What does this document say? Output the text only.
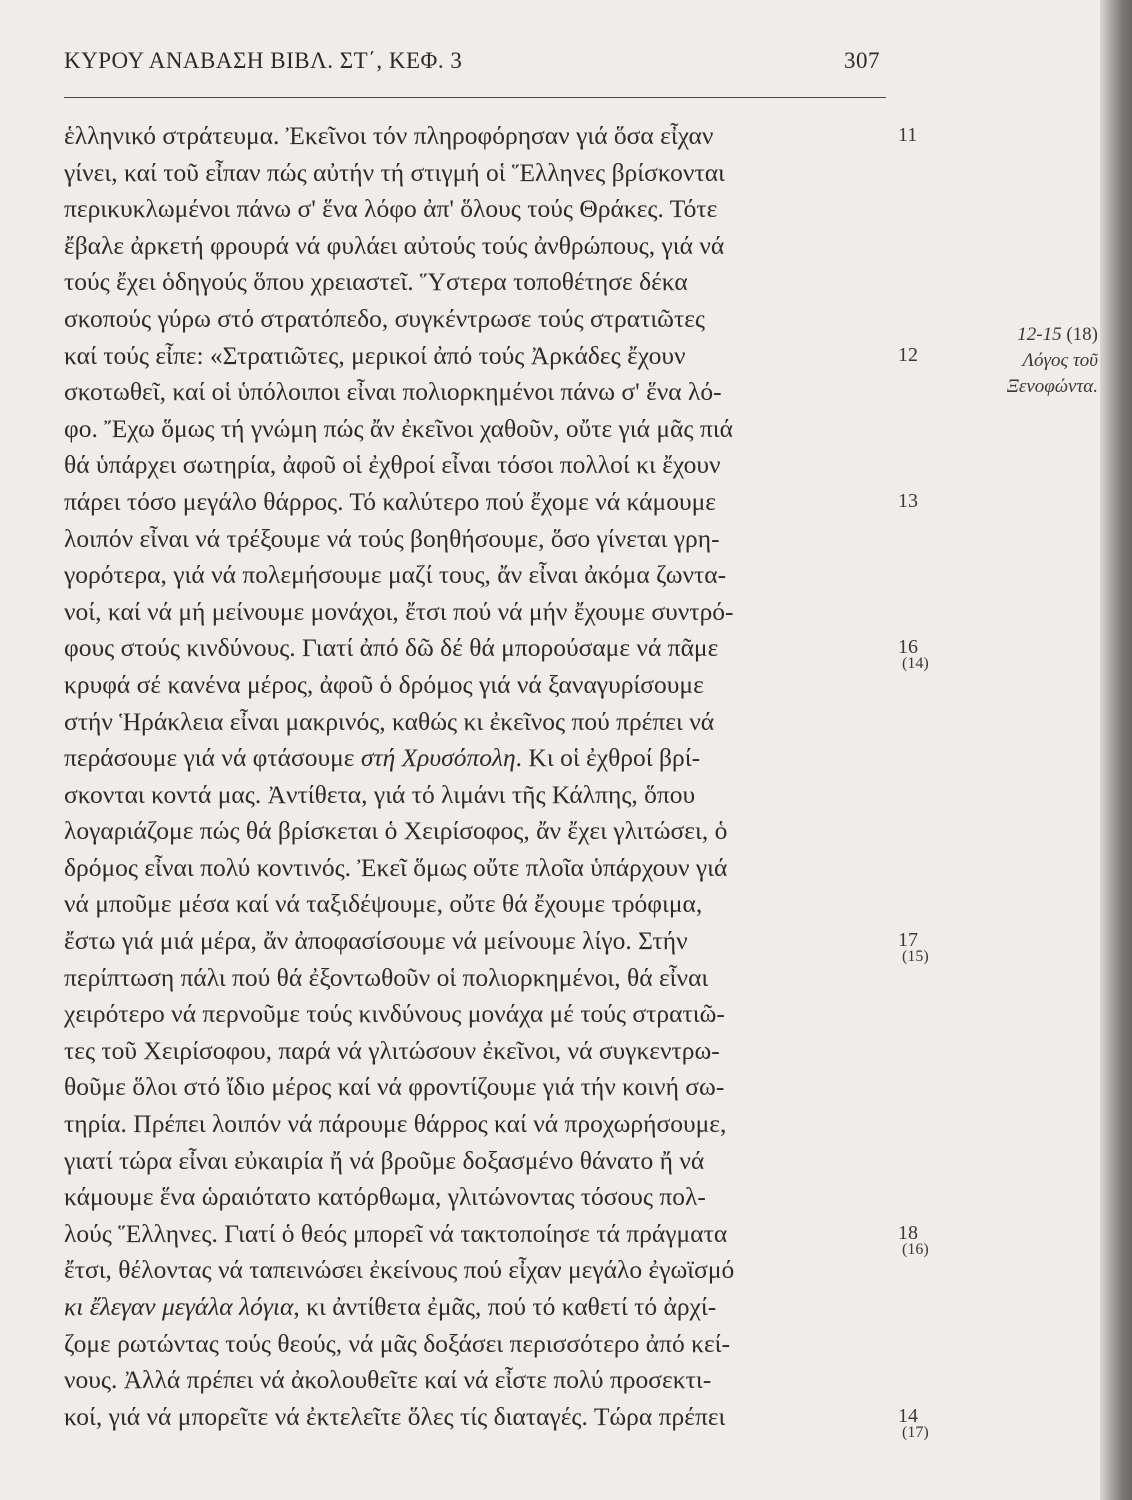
ΚΥΡΟΥ ΑΝΑΒΑΣΗ ΒΙΒΛ. ΣΤ΄, ΚΕΦ. 3	307
ἑλληνικό στράτευμα. Ἐκεῖνοι τόν πληροφόρησαν γιά ὅσα εἶχαν
γίνει, καί τοῦ εἶπαν πώς αὐτήν τή στιγμή οἱ Ἕλληνες βρίσκονται
περικυκλωμένοι πάνω σ' ἕνα λόφο ἀπ' ὅλους τούς Θράκες. Τότε
ἔβαλε ἀρκετή φρουρά νά φυλάει αὐτούς τούς ἀνθρώπους, γιά νά
τούς ἔχει ὁδηγούς ὅπου χρειαστεῖ. Ὕστερα τοποθέτησε δέκα
σκοπούς γύρω στό στρατόπεδο, συγκέντρωσε τούς στρατιῶτες
καί τούς εἶπε: «Στρατιῶτες, μερικοί ἀπό τούς Ἀρκάδες ἔχουν
σκοτωθεῖ, καί οἱ ὑπόλοιποι εἶναι πολιορκημένοι πάνω σ' ἕνα λό-
φο. Ἔχω ὅμως τή γνώμη πώς ἄν ἐκεῖνοι χαθοῦν, οὔτε γιά μᾶς πιά
θά ὑπάρχει σωτηρία, ἀφοῦ οἱ ἐχθροί εἶναι τόσοι πολλοί κι ἔχουν
πάρει τόσο μεγάλο θάρρος. Τό καλύτερο πού ἔχομε νά κάμουμε
λοιπόν εἶναι νά τρέξουμε νά τούς βοηθήσουμε, ὅσο γίνεται γρη-
γορότερα, γιά νά πολεμήσουμε μαζί τους, ἄν εἶναι ἀκόμα ζωντα-
νοί, καί νά μή μείνουμε μονάχοι, ἔτσι πού νά μήν ἔχουμε συντρό-
φους στούς κινδύνους. Γιατί ἀπό δῶ δέ θά μπορούσαμε νά πᾶμε
κρυφά σέ κανένα μέρος, ἀφοῦ ὁ δρόμος γιά νά ξαναγυρίσουμε
στήν Ἡράκλεια εἶναι μακρινός, καθώς κι ἐκεῖνος πού πρέπει νά
περάσουμε γιά νά φτάσουμε στή Χρυσόπολη. Κι οἱ ἐχθροί βρί-
σκονται κοντά μας. Ἀντίθετα, γιά τό λιμάνι τῆς Κάλπης, ὅπου
λογαριάζομε πώς θά βρίσκεται ὁ Χειρίσοφος, ἄν ἔχει γλιτώσει, ὁ
δρόμος εἶναι πολύ κοντινός. Ἐκεῖ ὅμως οὔτε πλοῖα ὑπάρχουν γιά
νά μποῦμε μέσα καί νά ταξιδέψουμε, οὔτε θά ἔχουμε τρόφιμα,
ἔστω γιά μιά μέρα, ἄν ἀποφασίσουμε νά μείνουμε λίγο. Στήν
περίπτωση πάλι πού θά ἐξοντωθοῦν οἱ πολιορκημένοι, θά εἶναι
χειρότερο νά περνοῦμε τούς κινδύνους μονάχα μέ τούς στρατιῶ-
τες τοῦ Χειρίσοφου, παρά νά γλιτώσουν ἐκεῖνοι, νά συγκεντρω-
θοῦμε ὅλοι στό ἴδιο μέρος καί νά φροντίζουμε γιά τήν κοινή σω-
τηρία. Πρέπει λοιπόν νά πάρουμε θάρρος καί νά προχωρήσουμε,
γιατί τώρα εἶναι εὐκαιρία ἤ νά βροῦμε δοξασμένο θάνατο ἤ νά
κάμουμε ἕνα ὡραιότατο κατόρθωμα, γλιτώνοντας τόσους πολ-
λούς Ἕλληνες. Γιατί ὁ θεός μπορεῖ νά τακτοποίησε τά πράγματα
ἔτσι, θέλοντας νά ταπεινώσει ἐκείνους πού εἶχαν μεγάλο ἐγωϊσμό
κι ἔλεγαν μεγάλα λόγια, κι ἀντίθετα ἐμᾶς, πού τό καθετί τό ἀρχί-
ζομε ρωτώντας τούς θεούς, νά μᾶς δοξάσει περισσότερο ἀπό κεί-
νους. Ἀλλά πρέπει νά ἀκολουθεῖτε καί νά εἶστε πολύ προσεκτι-
κοί, γιά νά μπορεῖτε νά ἐκτελεῖτε ὅλες τίς διαταγές. Τώρα πρέπει
11
12
13
16
(14)
17
(15)
18
(16)
14
(17)
12-15 (18)
Λόγος τοῦ
Ξενοφώντα.
